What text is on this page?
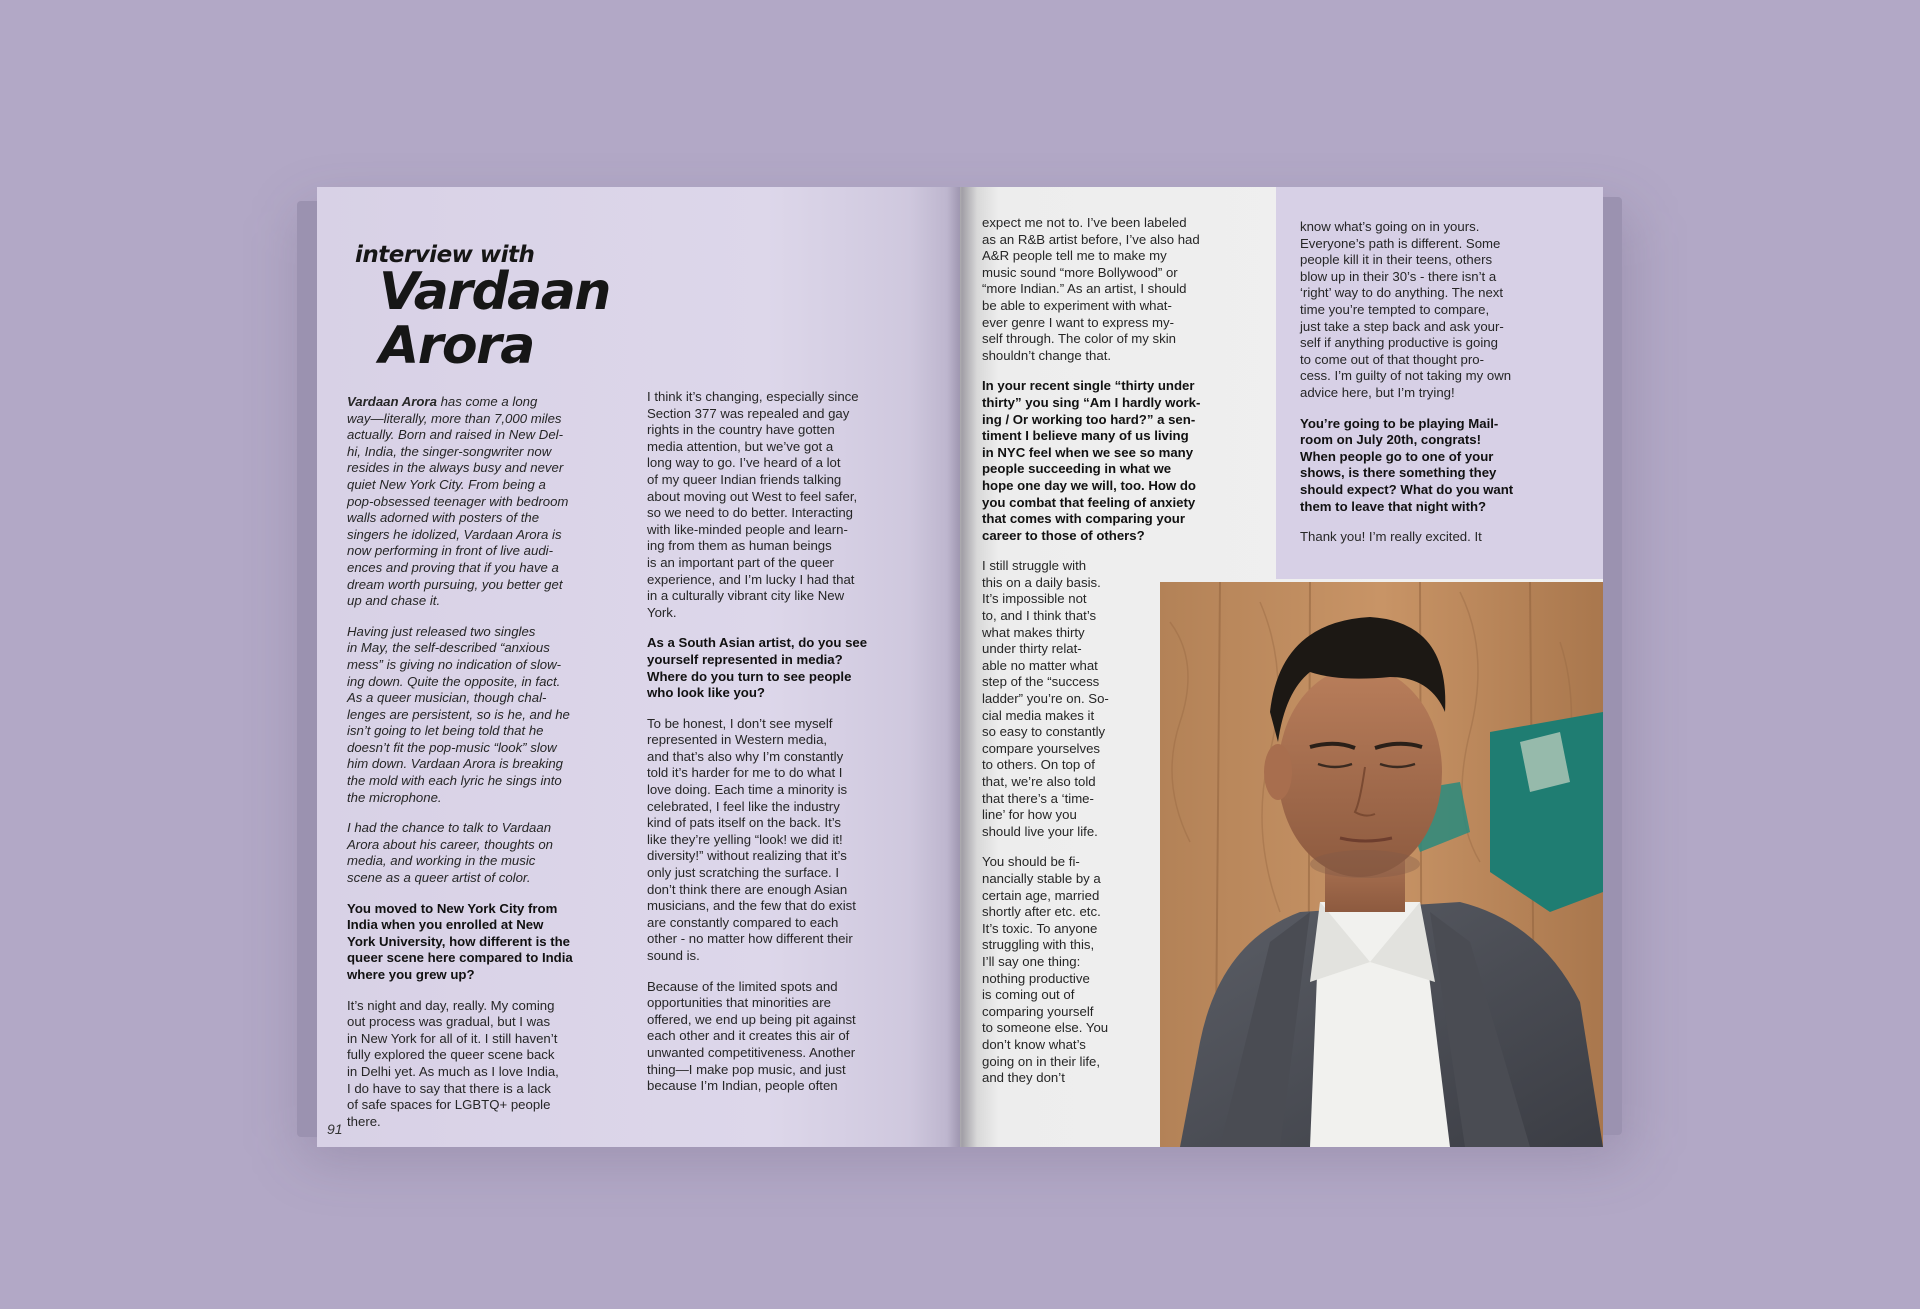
interview with

Vardaan
Arora

Vardaan Arora has come a long
way—literally, more than 7,000 miles
actually. Born and raised in New Del-
hi, India, the singer-songwriter now
resides in the always busy and never
quiet New York City. From being a
pop-obsessed teenager with bedroom
walls adorned with posters of the
singers he idolized, Vardaan Arora is
now performing in front of live audi-
ences and proving that if you have a
dream worth pursuing, you better get
up and chase it.

Having just released two singles
in May, the self-described “anxious
mess” is giving no indication of slow-
ing down. Quite the opposite, in fact.
As a queer musician, though chal-
lenges are persistent, so is he, and he
isn’t going to let being told that he
doesn’t fit the pop-music “look” slow
him down. Vardaan Arora is breaking
the mold with each lyric he sings into
the microphone.

I had the chance to talk to Vardaan
Arora about his career, thoughts on
media, and working in the music
scene as a queer artist of color.

You moved to New York City from
India when you enrolled at New
York University, how different is the
queer scene here compared to India
where you grew up?

It’s night and day, really. My coming
out process was gradual, but I was
in New York for all of it. I still haven’t
fully explored the queer scene back
in Delhi yet. As much as I love India,
I do have to say that there is a lack
of safe spaces for LGBTQ+ people
there.

I think it’s changing, especially since
Section 377 was repealed and gay
rights in the country have gotten
media attention, but we’ve got a
long way to go. I’ve heard of a lot
of my queer Indian friends talking
about moving out West to feel safer,
so we need to do better. Interacting
with like-minded people and learn-
ing from them as human beings
is an important part of the queer
experience, and I’m lucky I had that
in a culturally vibrant city like New
York.

As a South Asian artist, do you see
yourself represented in media?
Where do you turn to see people
who look like you?

To be honest, I don’t see myself
represented in Western media,
and that’s also why I’m constantly
told it’s harder for me to do what I
love doing. Each time a minority is
celebrated, I feel like the industry
kind of pats itself on the back. It’s
like they’re yelling “look! we did it!
diversity!” without realizing that it’s
only just scratching the surface. I
don’t think there are enough Asian
musicians, and the few that do exist
are constantly compared to each
other - no matter how different their
sound is.

Because of the limited spots and
opportunities that minorities are
offered, we end up being pit against
each other and it creates this air of
unwanted competitiveness. Another
thing—I make pop music, and just
because I’m Indian, people often

91

expect me not to. I’ve been labeled
as an R&B artist before, I’ve also had
A&R people tell me to make my
music sound “more Bollywood” or
“more Indian.” As an artist, I should
be able to experiment with what-
ever genre I want to express my-
self through. The color of my skin
shouldn’t change that.

In your recent single “thirty under
thirty” you sing “Am I hardly work-
ing / Or working too hard?” a sen-
timent I believe many of us living
in NYC feel when we see so many
people succeeding in what we
hope one day we will, too. How do
you combat that feeling of anxiety
that comes with comparing your
career to those of others?

I still struggle with
this on a daily basis.
It’s impossible not
to, and I think that’s
what makes thirty
under thirty relat-
able no matter what
step of the “success
ladder” you’re on. So-
cial media makes it
so easy to constantly
compare yourselves
to others. On top of
that, we’re also told
that there’s a ‘time-
line’ for how you
should live your life.

You should be fi-
nancially stable by a
certain age, married
shortly after etc. etc.
It’s toxic. To anyone
struggling with this,
I’ll say one thing:
nothing productive
is coming out of
comparing yourself
to someone else. You
don’t know what’s
going on in their life,
and they don’t

know what’s going on in yours.
Everyone’s path is different. Some
people kill it in their teens, others
blow up in their 30’s - there isn’t a
‘right’ way to do anything. The next
time you’re tempted to compare,
just take a step back and ask your-
self if anything productive is going
to come out of that thought pro-
cess. I’m guilty of not taking my own
advice here, but I’m trying!

You’re going to be playing Mail-
room on July 20th, congrats!
When people go to one of your
shows, is there something they
should expect? What do you want
them to leave that night with?

Thank you! I’m really excited. It
